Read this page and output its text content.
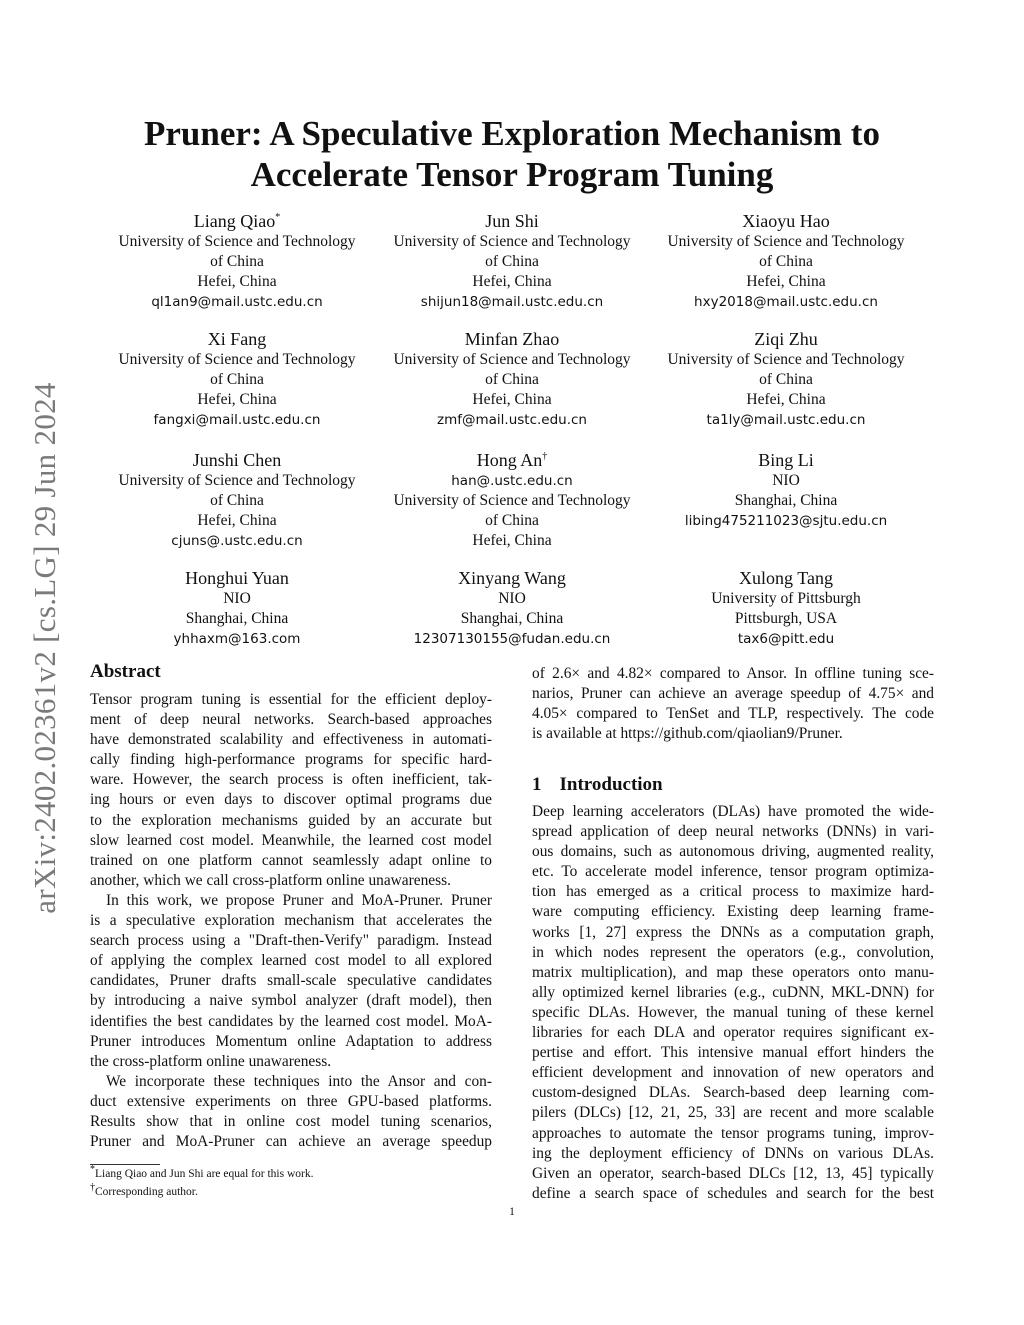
arXiv:2402.02361v2 [cs.LG] 29 Jun 2024
Pruner: A Speculative Exploration Mechanism to
Accelerate Tensor Program Tuning
Liang Qiao*
University of Science and Technology
of China
Hefei, China
ql1an9@mail.ustc.edu.cn
Jun Shi
University of Science and Technology
of China
Hefei, China
shijun18@mail.ustc.edu.cn
Xiaoyu Hao
University of Science and Technology
of China
Hefei, China
hxy2018@mail.ustc.edu.cn
Xi Fang
University of Science and Technology
of China
Hefei, China
fangxi@mail.ustc.edu.cn
Minfan Zhao
University of Science and Technology
of China
Hefei, China
zmf@mail.ustc.edu.cn
Ziqi Zhu
University of Science and Technology
of China
Hefei, China
ta1ly@mail.ustc.edu.cn
Junshi Chen
University of Science and Technology
of China
Hefei, China
cjuns@.ustc.edu.cn
Hong An†
han@.ustc.edu.cn
University of Science and Technology
of China
Hefei, China
Bing Li
NIO
Shanghai, China
libing475211023@sjtu.edu.cn
Honghui Yuan
NIO
Shanghai, China
yhhaxm@163.com
Xinyang Wang
NIO
Shanghai, China
12307130155@fudan.edu.cn
Xulong Tang
University of Pittsburgh
Pittsburgh, USA
tax6@pitt.edu
Abstract
Tensor program tuning is essential for the efficient deploy-
ment of deep neural networks. Search-based approaches
have demonstrated scalability and effectiveness in automati-
cally finding high-performance programs for specific hard-
ware. However, the search process is often inefficient, tak-
ing hours or even days to discover optimal programs due
to the exploration mechanisms guided by an accurate but
slow learned cost model. Meanwhile, the learned cost model
trained on one platform cannot seamlessly adapt online to
another, which we call cross-platform online unawareness.
In this work, we propose Pruner and MoA-Pruner. Pruner
is a speculative exploration mechanism that accelerates the
search process using a "Draft-then-Verify" paradigm. Instead
of applying the complex learned cost model to all explored
candidates, Pruner drafts small-scale speculative candidates
by introducing a naive symbol analyzer (draft model), then
identifies the best candidates by the learned cost model. MoA-
Pruner introduces Momentum online Adaptation to address
the cross-platform online unawareness.
We incorporate these techniques into the Ansor and con-
duct extensive experiments on three GPU-based platforms.
Results show that in online cost model tuning scenarios,
Pruner and MoA-Pruner can achieve an average speedup
of 2.6× and 4.82× compared to Ansor. In offline tuning sce-
narios, Pruner can achieve an average speedup of 4.75× and
4.05× compared to TenSet and TLP, respectively. The code
is available at https://github.com/qiaolian9/Pruner.
1 Introduction
Deep learning accelerators (DLAs) have promoted the wide-
spread application of deep neural networks (DNNs) in vari-
ous domains, such as autonomous driving, augmented reality,
etc. To accelerate model inference, tensor program optimiza-
tion has emerged as a critical process to maximize hard-
ware computing efficiency. Existing deep learning frame-
works [1, 27] express the DNNs as a computation graph,
in which nodes represent the operators (e.g., convolution,
matrix multiplication), and map these operators onto manu-
ally optimized kernel libraries (e.g., cuDNN, MKL-DNN) for
specific DLAs. However, the manual tuning of these kernel
libraries for each DLA and operator requires significant ex-
pertise and effort. This intensive manual effort hinders the
efficient development and innovation of new operators and
custom-designed DLAs. Search-based deep learning com-
pilers (DLCs) [12, 21, 25, 33] are recent and more scalable
approaches to automate the tensor programs tuning, improv-
ing the deployment efficiency of DNNs on various DLAs.
Given an operator, search-based DLCs [12, 13, 45] typically
define a search space of schedules and search for the best
*Liang Qiao and Jun Shi are equal for this work.
†Corresponding author.
1
